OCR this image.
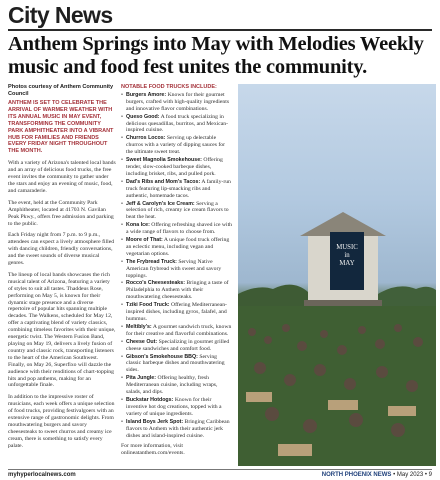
City News
Anthem Springs into May with Melodies Weekly music and food fest unites the community.
Photos courtesy of Anthem Community Council
ANTHEM IS SET TO CELEBRATE THE ARRIVAL OF WARMER WEATHER WITH ITS ANNUAL MUSIC IN MAY EVENT, TRANSFORMING THE COMMUNITY PARK AMPHITHEATER INTO A VIBRANT HUB FOR FAMILIES AND FRIENDS EVERY FRIDAY NIGHT THROUGHOUT THE MONTH.

With a variety of Arizona's talented local bands and an array of delicious food trucks, the free event invites the community to gather under the stars and enjoy an evening of music, food, and camaraderie.

The event, held at the Community Park Amphitheater, located at 41703 N. Gavilan Peak Pkwy., offers free admission and parking to the public.

Each Friday night from 7 p.m. to 9 p.m., attendees can expect a lively atmosphere filled with dancing children, friendly conversations, and the sweet sounds of diverse musical genres.

The lineup of local bands showcases the rich musical talent of Arizona, featuring a variety of styles to suit all tastes. Thaddeus Rose, performing on May 5, is known for their dynamic stage presence and a diverse repertoire of popular hits spanning multiple decades. The Walkens, scheduled for May 12, offer a captivating blend of variety classics, combining timeless favorites with their unique, energetic twist. The Western Fusion Band, playing on May 19, delivers a lively fusion of country and classic rock, transporting listeners to the heart of the American Southwest. Finally, on May 26, Superfixo will dazzle the audience with their renditions of chart-topping hits and pop anthems, making for an unforgettable finale.

In addition to the impressive roster of musicians, each week offers a unique selection of food trucks, providing festivalgoers with an extensive range of gastronomic delights. From mouthwatering burgers and savory cheesesteaks to sweet churros and creamy ice cream, there is something to satisfy every palate.

NOTABLE FOOD TRUCKS INCLUDE:
• Burgers Amore: Known for their gourmet burgers, crafted with high-quality ingredients and innovative flavor combinations.
• Queso Good: A food truck specializing in delicious quesadillas, burritos, and Mexican-inspired cuisine.
• Churros Locos: Serving up delectable churros with a variety of dipping sauces for the ultimate sweet treat.
• Sweet Magnolia Smokehouse: Offering tender, slow-cooked barbeque dishes, including brisket, ribs, and pulled pork.
• Dad's Ribs and Mom's Tacos: A family-run truck featuring lip-smacking ribs and authentic, homemade tacos.
• Jeff & Carolyn's Ice Cream: Serving a selection of rich, creamy ice cream flavors to beat the heat.
• Kona Ice: Offering refreshing shaved ice with a wide range of flavors to choose from.
• Moore of That: A unique food truck offering an eclectic menu, including vegan and vegetarian options.
• The Frybread Truck: Serving Native American frybread with sweet and savory toppings.
• Rocco's Cheesesteaks: Bringing a taste of Philadelphia to Anthem with their mouthwatering cheesesteaks.
• Tziki Food Truck: Offering Mediterranean-inspired dishes, including gyros, falafel, and hummus.
• Meltibly's: A gourmet sandwich truck, known for their creative and flavorful combinations.
• Cheese Out: Specializing in gourmet grilled cheese sandwiches and comfort food.
• Gibson's Smokehouse BBQ: Serving classic barbeque dishes and mouthwatering sides.
• Pita Jungle: Offering healthy, fresh Mediterranean cuisine, including wraps, salads, and dips.
• Buckstar Hotdogs: Known for their inventive hot dog creations, topped with a variety of unique ingredients.
• Island Boys Jerk Spot: Bringing Caribbean flavors to Anthem with their authentic jerk dishes and island-inspired cuisine.
For more information, visit onlineatanthem.com/events.
MUSIC
in
MAY
myhyperlocalnews.com	NORTH PHOENIX NEWS • May 2023 • 9
